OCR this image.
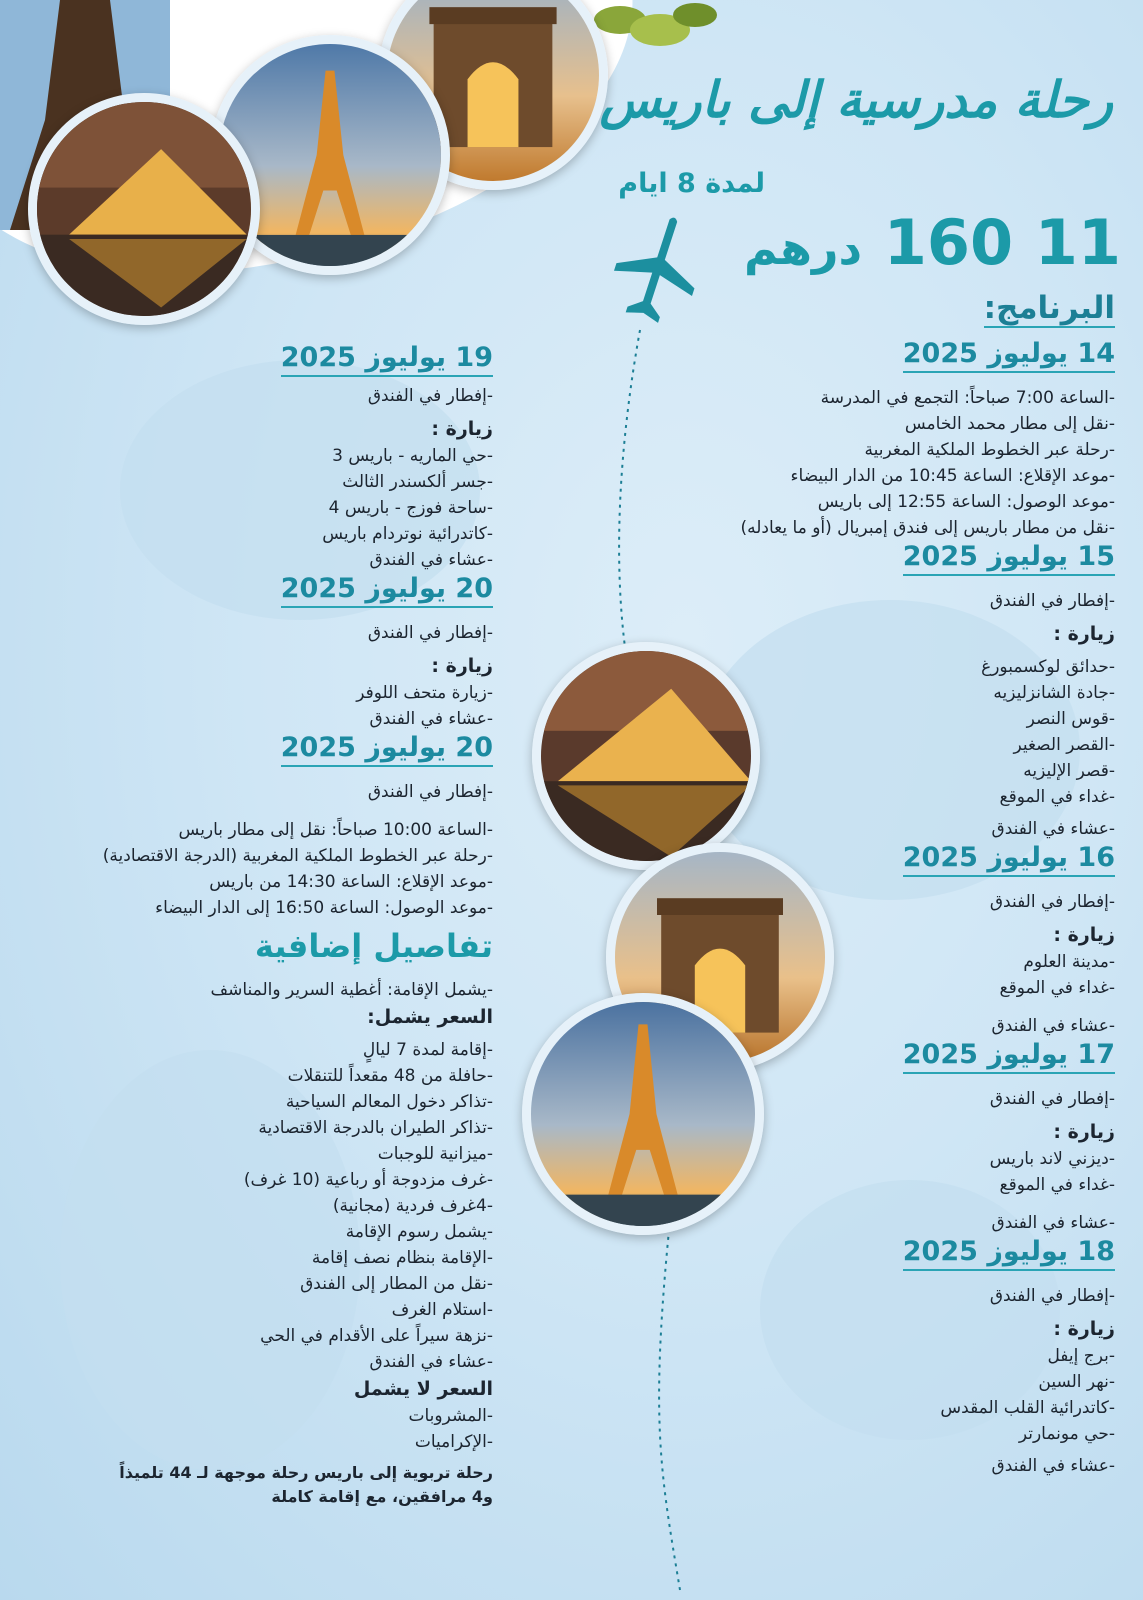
رحلة مدرسية إلى باريس
لمدة 8 ايام
11 160 درهم
البرنامج:
14 يوليوز 2025
-الساعة 7:00 صباحاً: التجمع في المدرسة
-نقل إلى مطار محمد الخامس
-رحلة عبر الخطوط الملكية المغربية
-موعد الإقلاع: الساعة 10:45 من الدار البيضاء
-موعد الوصول: الساعة 12:55 إلى باريس
-نقل من مطار باريس إلى فندق إمبريال (أو ما يعادله)
15 يوليوز 2025
-إفطار في الفندق
زيارة :
-حدائق لوكسمبورغ
-جادة الشانزليزيه
-قوس النصر
-القصر الصغير
-قصر الإليزيه
-غداء في الموقع
-عشاء في الفندق
16 يوليوز 2025
-إفطار في الفندق
زيارة :
-مدينة العلوم
-غداء في الموقع
-عشاء في الفندق
17 يوليوز 2025
-إفطار في الفندق
زيارة :
-ديزني لاند باريس
-غداء في الموقع
-عشاء في الفندق
18 يوليوز 2025
-إفطار في الفندق
زيارة :
-برج إيفل
-نهر السين
-كاتدرائية القلب المقدس
-حي مونمارتر
-عشاء في الفندق
19 يوليوز 2025
-إفطار في الفندق
زيارة :
-حي الماريه - باريس 3
-جسر ألكسندر الثالث
-ساحة فوزج - باريس 4
-كاتدرائية نوتردام باريس
-عشاء في الفندق
20 يوليوز 2025
-إفطار في الفندق
زيارة :
-زيارة متحف اللوفر
-عشاء في الفندق
20 يوليوز 2025
-إفطار في الفندق
-الساعة 10:00 صباحاً: نقل إلى مطار باريس
-رحلة عبر الخطوط الملكية المغربية (الدرجة الاقتصادية)
-موعد الإقلاع: الساعة 14:30 من باريس
-موعد الوصول: الساعة 16:50 إلى الدار البيضاء
تفاصيل إضافية
-يشمل الإقامة: أغطية السرير والمناشف
السعر يشمل:
-إقامة لمدة 7 ليالٍ
-حافلة من 48 مقعداً للتنقلات
-تذاكر دخول المعالم السياحية
-تذاكر الطيران بالدرجة الاقتصادية
-ميزانية للوجبات
-غرف مزدوجة أو رباعية (10 غرف)
-4غرف فردية (مجانية)
-يشمل رسوم الإقامة
-الإقامة بنظام نصف إقامة
-نقل من المطار إلى الفندق
-استلام الغرف
-نزهة سيراً على الأقدام في الحي
-عشاء في الفندق
السعر لا يشمل
-المشروبات
-الإكراميات
رحلة تربوية إلى باريس رحلة موجهة لـ 44 تلميذاً
و4 مرافقين، مع إقامة كاملة
